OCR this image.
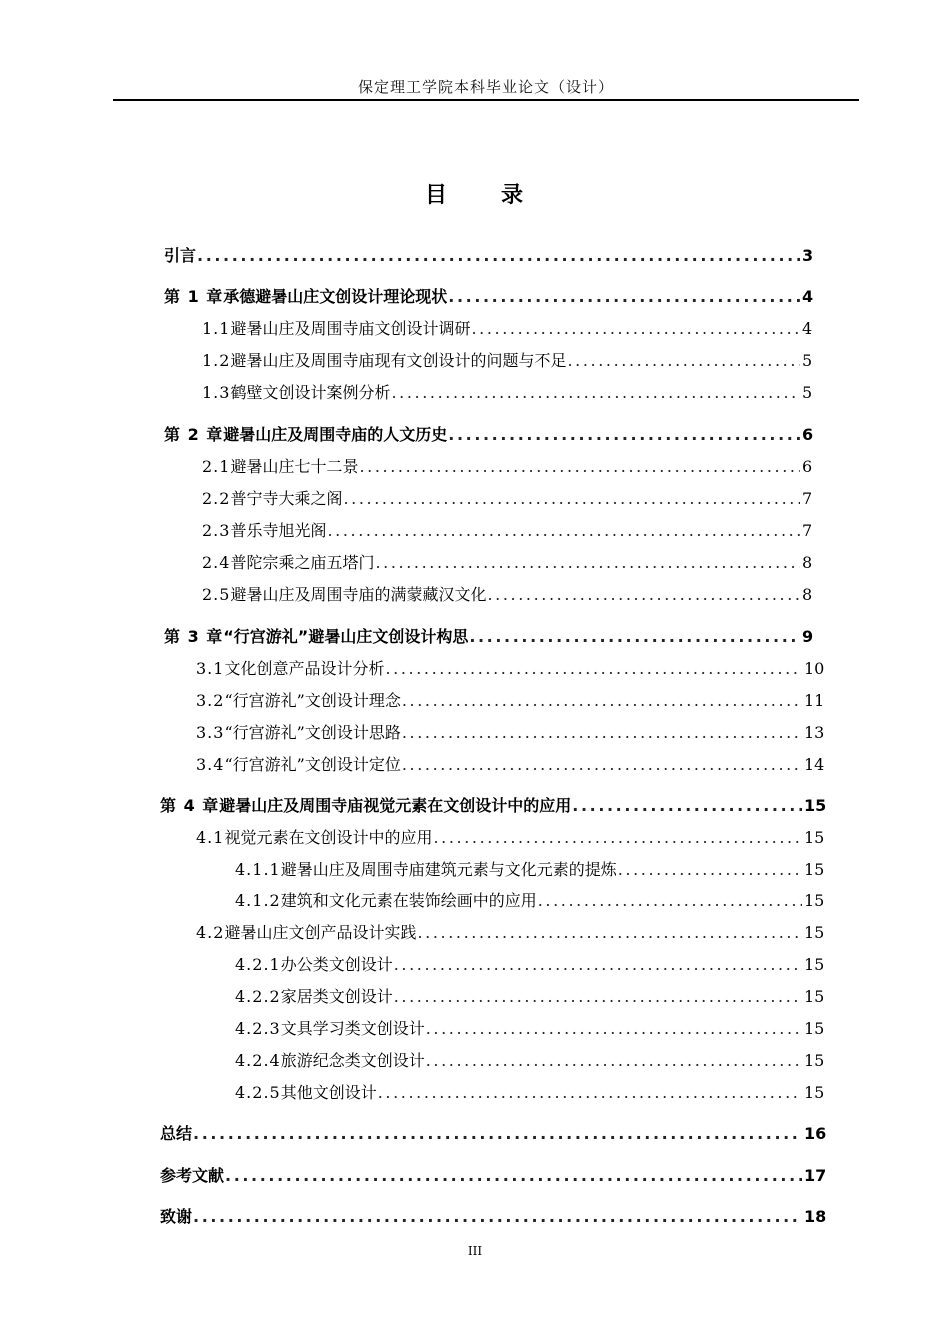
保定理工学院本科毕业论文（设计）
目 录
引言 .....	3
第 1 章 承德避暑山庄文创设计理论现状 .....	4
1.1 避暑山庄及周围寺庙文创设计调研 .....	4
1.2 避暑山庄及周围寺庙现有文创设计的问题与不足 .....	5
1.3 鹤壁文创设计案例分析 .....	5
第 2 章 避暑山庄及周围寺庙的人文历史 .....	6
2.1 避暑山庄七十二景 .....	6
2.2 普宁寺大乘之阁 .....	7
2.3 普乐寺旭光阁 .....	7
2.4 普陀宗乘之庙五塔门 .....	8
2.5 避暑山庄及周围寺庙的满蒙藏汉文化 .....	8
第 3 章 “行宫游礼”避暑山庄文创设计构思 .....	9
3.1 文化创意产品设计分析 .....	10
3.2 “行宫游礼”文创设计理念 .....	11
3.3 “行宫游礼”文创设计思路 .....	13
3.4 “行宫游礼”文创设计定位 .....	14
第 4 章 避暑山庄及周围寺庙视觉元素在文创设计中的应用 .....	15
4.1 视觉元素在文创设计中的应用 .....	15
4.1.1 避暑山庄及周围寺庙建筑元素与文化元素的提炼 .....	15
4.1.2 建筑和文化元素在装饰绘画中的应用 .....	15
4.2 避暑山庄文创产品设计实践 .....	15
4.2.1 办公类文创设计 .....	15
4.2.2 家居类文创设计 .....	15
4.2.3 文具学习类文创设计 .....	15
4.2.4 旅游纪念类文创设计 .....	15
4.2.5 其他文创设计 .....	15
总结 .....	16
参考文献 .....	17
致谢 .....	18
III
